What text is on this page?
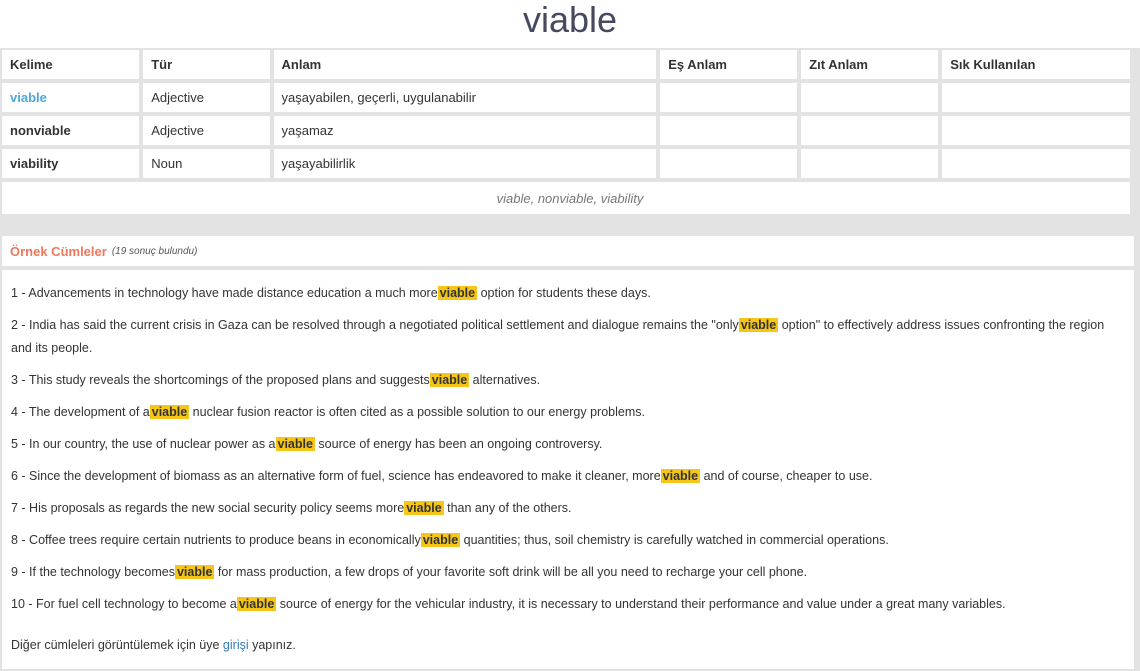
viable
Kelime	Tür	Anlam	Eş Anlam	Zıt Anlam	Sık Kullanılan
viable	Adjective	yaşayabilen, geçerli, uygulanabilir			
nonviable	Adjective	yaşamaz			
viability	Noun	yaşayabilirlik			
viable, nonviable, viability					
Örnek Cümleler (19 sonuç bulundu)
1 - Advancements in technology have made distance education a much more viable option for students these days.
2 - India has said the current crisis in Gaza can be resolved through a negotiated political settlement and dialogue remains the "only viable option" to effectively address issues confronting the region and its people.
3 - This study reveals the shortcomings of the proposed plans and suggests viable alternatives.
4 - The development of a viable nuclear fusion reactor is often cited as a possible solution to our energy problems.
5 - In our country, the use of nuclear power as a viable source of energy has been an ongoing controversy.
6 - Since the development of biomass as an alternative form of fuel, science has endeavored to make it cleaner, more viable and of course, cheaper to use.
7 - His proposals as regards the new social security policy seems more viable than any of the others.
8 - Coffee trees require certain nutrients to produce beans in economically viable quantities; thus, soil chemistry is carefully watched in commercial operations.
9 - If the technology becomes viable for mass production, a few drops of your favorite soft drink will be all you need to recharge your cell phone.
10 - For fuel cell technology to become a viable source of energy for the vehicular industry, it is necessary to understand their performance and value under a great many variables.
Diğer cümleleri görüntülemek için üye girişi yapınız.
